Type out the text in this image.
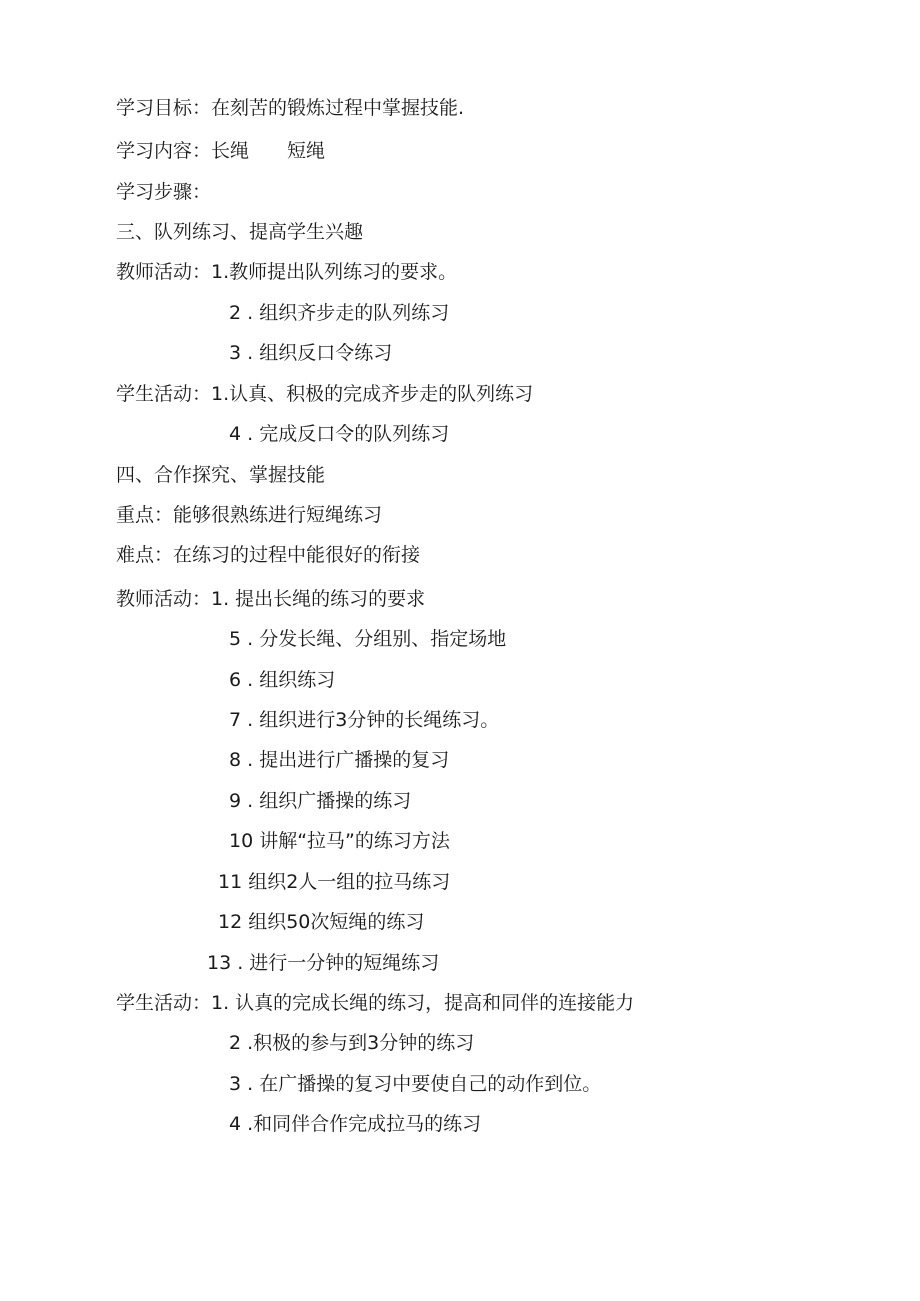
学习目标：在刻苦的锻炼过程中掌握技能.
学习内容：长绳　　短绳
学习步骤：
三、队列练习、提高学生兴趣
教师活动：1.教师提出队列练习的要求。
2 . 组织齐步走的队列练习
3 . 组织反口令练习
学生活动：1.认真、积极的完成齐步走的队列练习
4 . 完成反口令的队列练习
四、合作探究、掌握技能
重点：能够很熟练进行短绳练习
难点：在练习的过程中能很好的衔接
教师活动：1. 提出长绳的练习的要求
5 . 分发长绳、分组别、指定场地
6 . 组织练习
7 . 组织进行3分钟的长绳练习。
8 . 提出进行广播操的复习
9 . 组织广播操的练习
10 讲解“拉马”的练习方法
11 组织2人一组的拉马练习
12 组织50次短绳的练习
13 . 进行一分钟的短绳练习
学生活动：1. 认真的完成长绳的练习，提高和同伴的连接能力
2 .积极的参与到3分钟的练习
3 . 在广播操的复习中要使自己的动作到位。
4 .和同伴合作完成拉马的练习
